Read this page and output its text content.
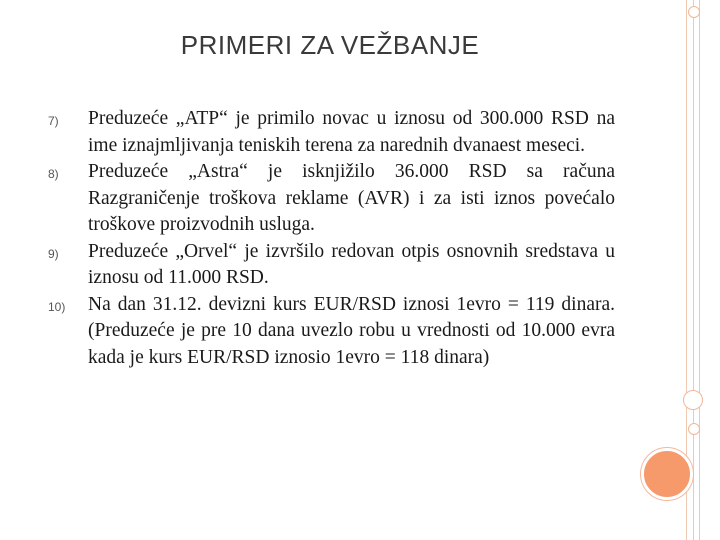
PRIMERI ZA VEŽBANJE
7) Preduzeće „ATP“ je primilo novac u iznosu od 300.000 RSD na ime iznajmljivanja teniskih terena za narednih dvanaest meseci.
8) Preduzeće „Astra“ je isknjižilo 36.000 RSD sa računa Razgraničenje troškova reklame (AVR) i za isti iznos povećalo troškove proizvodnih usluga.
9) Preduzeće „Orvel“ je izvršilo redovan otpis osnovnih sredstava u iznosu od 11.000 RSD.
10) Na dan 31.12. devizni kurs EUR/RSD iznosi 1evro = 119 dinara. (Preduzeće je pre 10 dana uvezlo robu u vrednosti od 10.000 evra kada je kurs EUR/RSD iznosio 1evro = 118 dinara)
